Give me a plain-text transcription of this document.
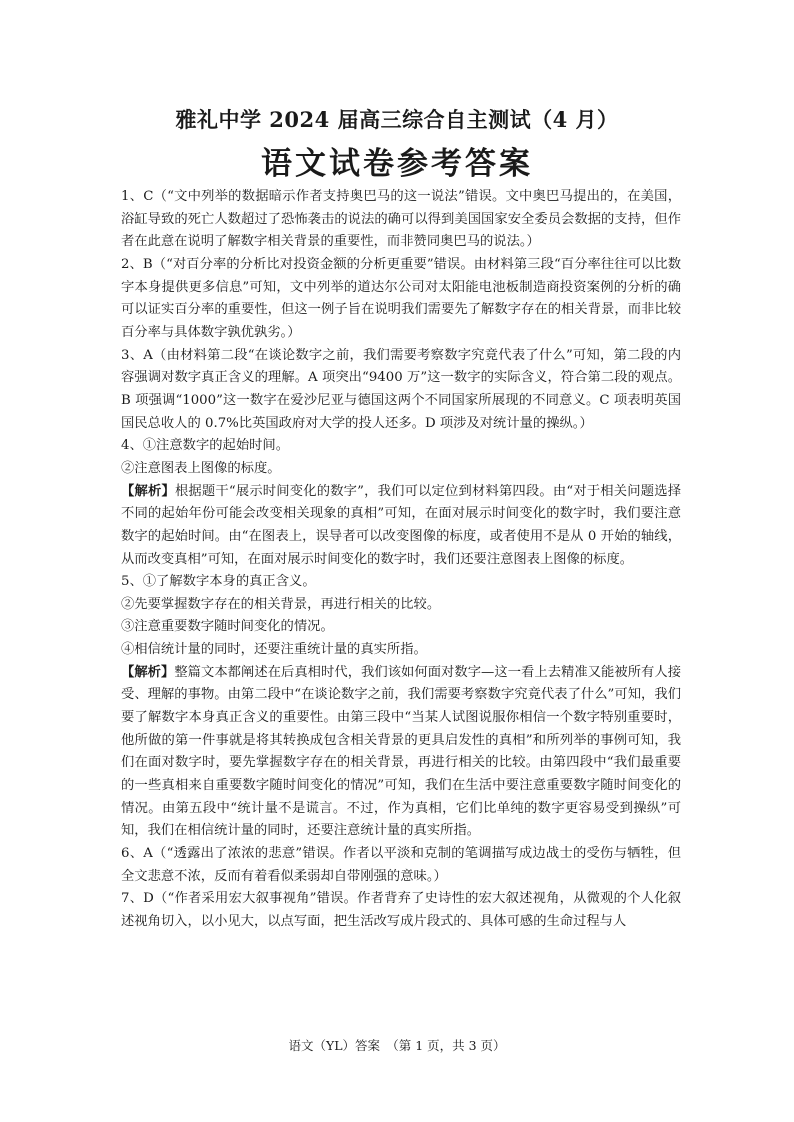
雅礼中学 2024 届高三综合自主测试（4 月）
语文试卷参考答案

1、C（“文中列举的数据暗示作者支持奥巴马的这一说法”错误。文中奥巴马提出的，在美国，浴缸导致的死亡人数超过了恐怖袭击的说法的确可以得到美国国家安全委员会数据的支持，但作者在此意在说明了解数字相关背景的重要性，而非赞同奥巴马的说法。）

2、B（“对百分率的分析比对投资金额的分析更重要”错误。由材料第三段“百分率往往可以比数字本身提供更多信息”可知，文中列举的道达尔公司对太阳能电池板制造商投资案例的分析的确可以证实百分率的重要性，但这一例子旨在说明我们需要先了解数字存在的相关背景，而非比较百分率与具体数字孰优孰劣。）

3、A（由材料第二段“在谈论数字之前，我们需要考察数字究竟代表了什么”可知，第二段的内容强调对数字真正含义的理解。A 项突出“9400 万”这一数字的实际含义，符合第二段的观点。B 项强调“1000”这一数字在爱沙尼亚与德国这两个不同国家所展现的不同意义。C 项表明英国国民总收人的 0.7%比英国政府对大学的投人还多。D 项涉及对统计量的操纵。）

4、①注意数字的起始时间。

②注意图表上图像的标度。

【解析】根据题干“展示时间变化的数字”，我们可以定位到材料第四段。由“对于相关问题选择不同的起始年份可能会改变相关现象的真相”可知，在面对展示时间变化的数字时，我们要注意数字的起始时间。由“在图表上，误导者可以改变图像的标度，或者使用不是从 0 开始的轴线，从而改变真相”可知，在面对展示时间变化的数字时，我们还要注意图表上图像的标度。

5、①了解数字本身的真正含义。

②先要掌握数字存在的相关背景，再进行相关的比较。

③注意重要数字随时间变化的情况。

④相信统计量的同时，还要注重统计量的真实所指。

【解析】整篇文本都阐述在后真相时代，我们该如何面对数字—这一看上去精准又能被所有人接受、理解的事物。由第二段中“在谈论数字之前，我们需要考察数字究竟代表了什么”可知，我们要了解数字本身真正含义的重要性。由第三段中“当某人试图说服你相信一个数字特别重要时，他所做的第一件事就是将其转换成包含相关背景的更具启发性的真相”和所列举的事例可知，我们在面对数字时，要先掌握数字存在的相关背景，再进行相关的比较。由第四段中“我们最重要的一些真相来自重要数字随时间变化的情况”可知，我们在生活中要注意重要数字随时间变化的情况。由第五段中“统计量不是谎言。不过，作为真相，它们比单纯的数字更容易受到操纵”可知，我们在相信统计量的同时，还要注意统计量的真实所指。

6、A（“透露出了浓浓的悲意”错误。作者以平淡和克制的笔调描写成边战士的受伤与牺牲，但全文悲意不浓，反而有着看似柔弱却自带刚强的意味。）

7、D（“作者采用宏大叙事视角”错误。作者背弃了史诗性的宏大叙述视角，从微观的个人化叙述视角切入，以小见大，以点写面，把生活改写成片段式的、具体可感的生命过程与人

语文（YL）答案　（第 1 页，共 3 页）
